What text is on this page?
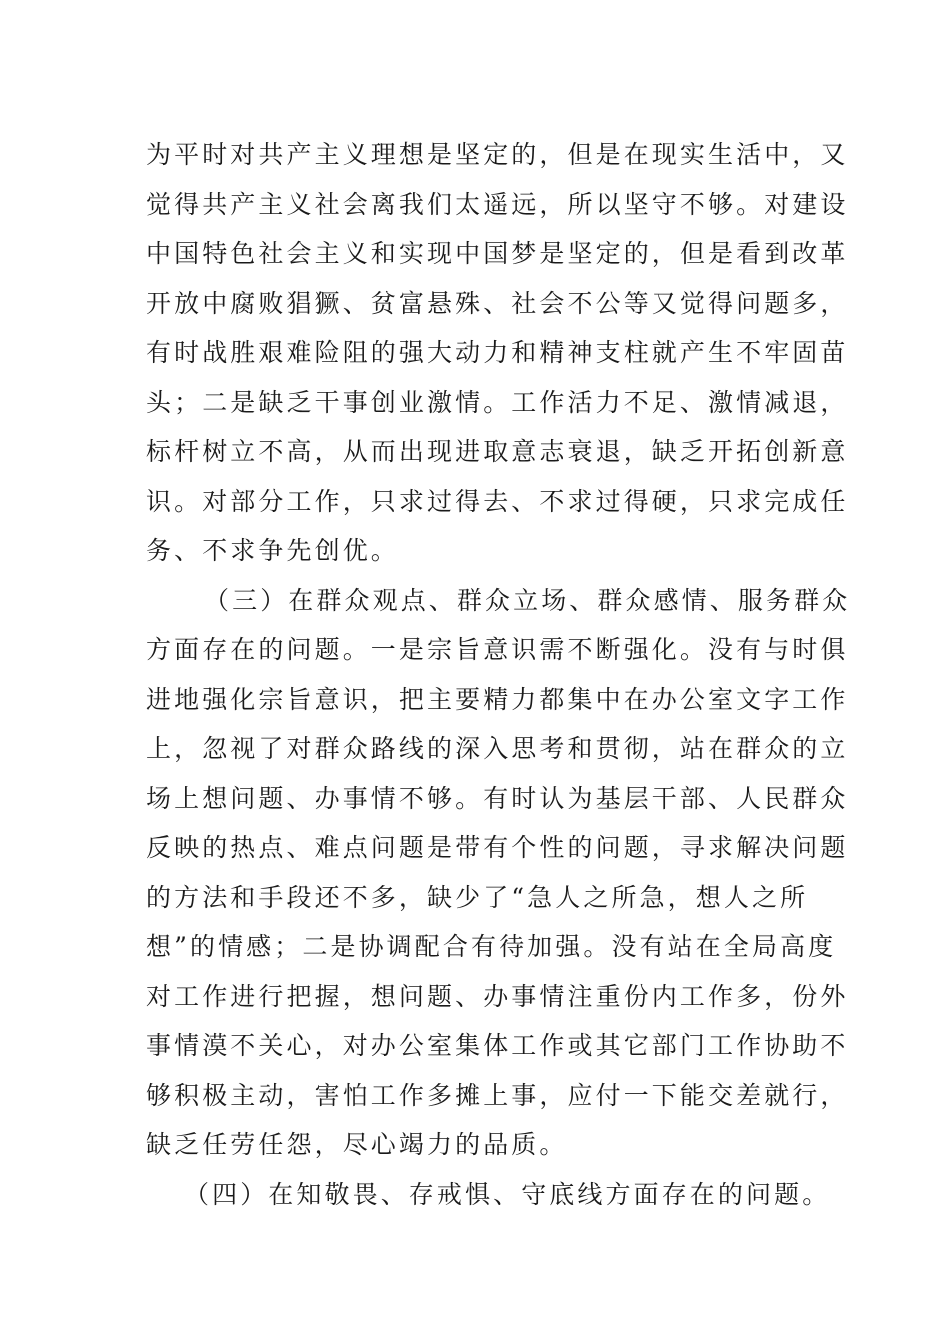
为平时对共产主义理想是坚定的，但是在现实生活中，又
觉得共产主义社会离我们太遥远，所以坚守不够。对建设
中国特色社会主义和实现中国梦是坚定的，但是看到改革
开放中腐败猖獗、贫富悬殊、社会不公等又觉得问题多，
有时战胜艰难险阻的强大动力和精神支柱就产生不牢固苗
头；二是缺乏干事创业激情。工作活力不足、激情减退，
标杆树立不高，从而出现进取意志衰退，缺乏开拓创新意
识。对部分工作，只求过得去、不求过得硬，只求完成任
务、不求争先创优。
（三）在群众观点、群众立场、群众感情、服务群众
方面存在的问题。一是宗旨意识需不断强化。没有与时俱
进地强化宗旨意识，把主要精力都集中在办公室文字工作
上，忽视了对群众路线的深入思考和贯彻，站在群众的立
场上想问题、办事情不够。有时认为基层干部、人民群众
反映的热点、难点问题是带有个性的问题，寻求解决问题
的方法和手段还不多，缺少了“急人之所急，想人之所
想”的情感；二是协调配合有待加强。没有站在全局高度
对工作进行把握，想问题、办事情注重份内工作多，份外
事情漠不关心，对办公室集体工作或其它部门工作协助不
够积极主动，害怕工作多摊上事，应付一下能交差就行，
缺乏任劳任怨，尽心竭力的品质。
（四）在知敬畏、存戒惧、守底线方面存在的问题。
